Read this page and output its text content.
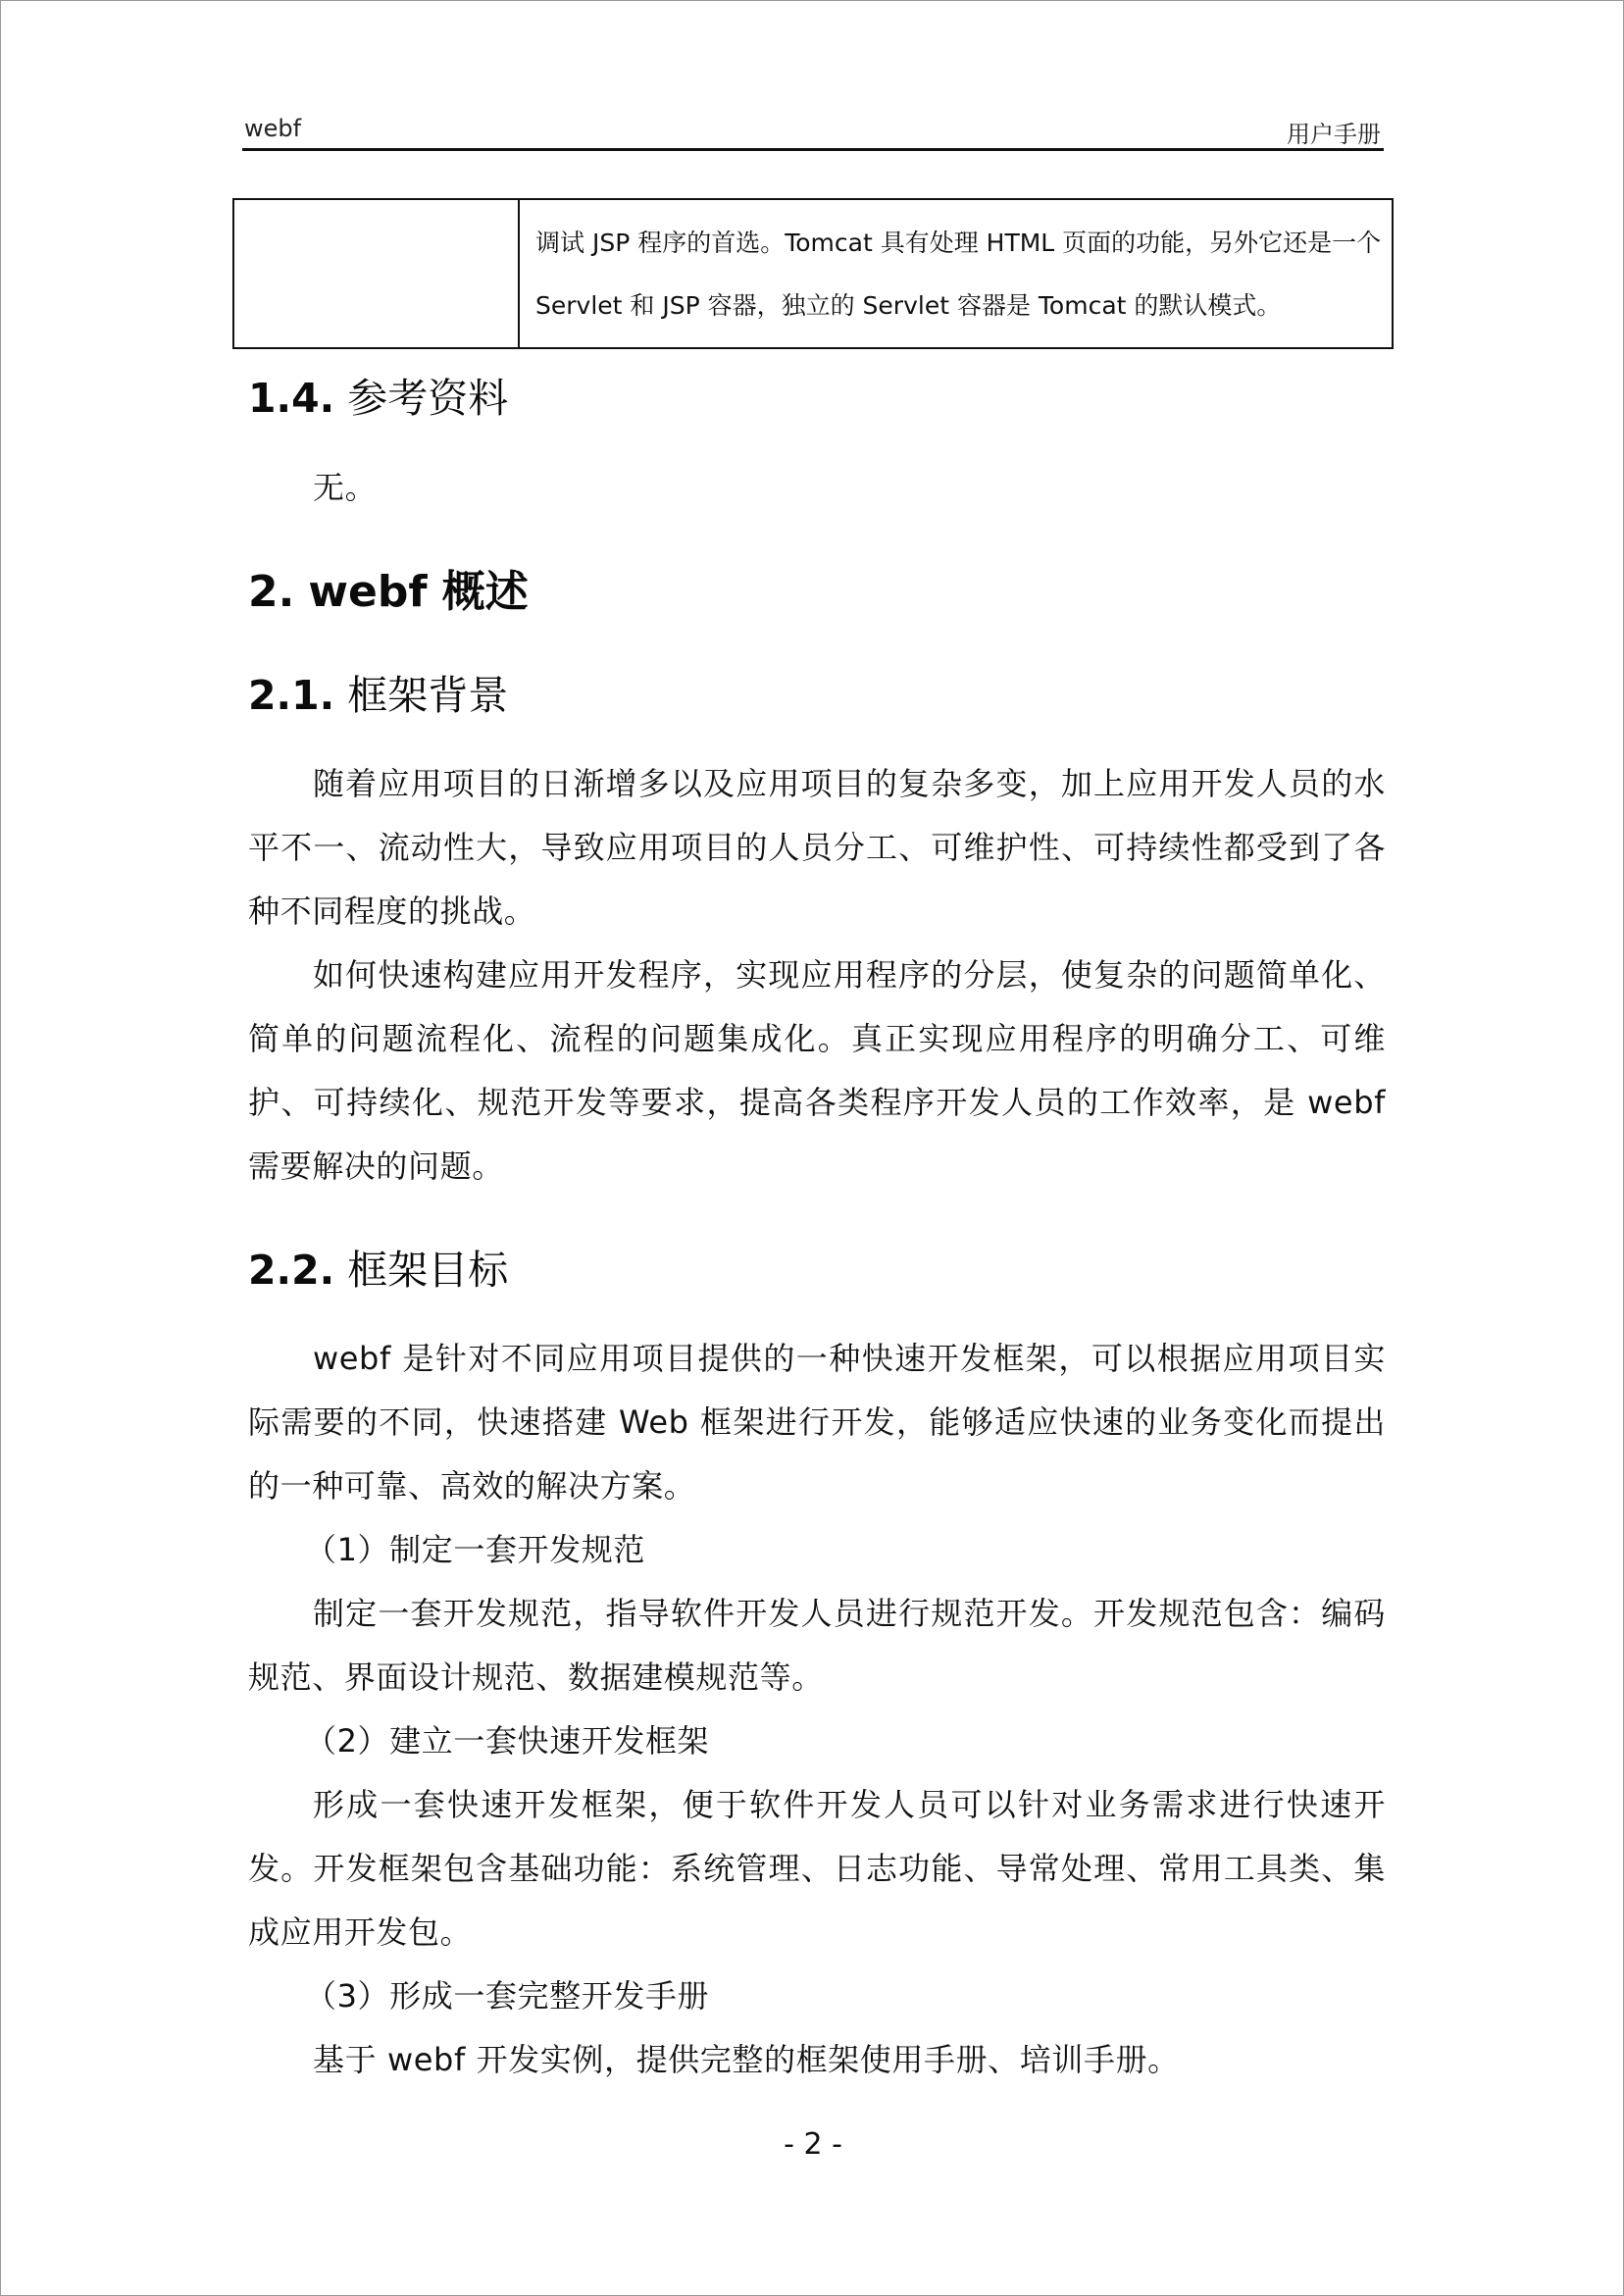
webf	用户手册

调试 JSP 程序的首选。Tomcat 具有处理 HTML 页面的功能，另外它还是一个
Servlet 和 JSP 容器，独立的 Servlet 容器是 Tomcat 的默认模式。
1.4. 参考资料

无。

2. webf 概述
2.1. 框架背景

随着应用项目的日渐增多以及应用项目的复杂多变，加上应用开发人员的水平不一、流动性大，导致应用项目的人员分工、可维护性、可持续性都受到了各种不同程度的挑战。

如何快速构建应用开发程序，实现应用程序的分层，使复杂的问题简单化、简单的问题流程化、流程的问题集成化。真正实现应用程序的明确分工、可维护、可持续化、规范开发等要求，提高各类程序开发人员的工作效率，是 webf 需要解决的问题。

2.2. 框架目标

webf 是针对不同应用项目提供的一种快速开发框架，可以根据应用项目实际需要的不同，快速搭建 Web 框架进行开发，能够适应快速的业务变化而提出的一种可靠、高效的解决方案。

（1）制定一套开发规范

制定一套开发规范，指导软件开发人员进行规范开发。开发规范包含：编码规范、界面设计规范、数据建模规范等。

（2）建立一套快速开发框架

形成一套快速开发框架，便于软件开发人员可以针对业务需求进行快速开发。开发框架包含基础功能：系统管理、日志功能、导常处理、常用工具类、集成应用开发包。

（3）形成一套完整开发手册

基于 webf 开发实例，提供完整的框架使用手册、培训手册。

- 2 -
